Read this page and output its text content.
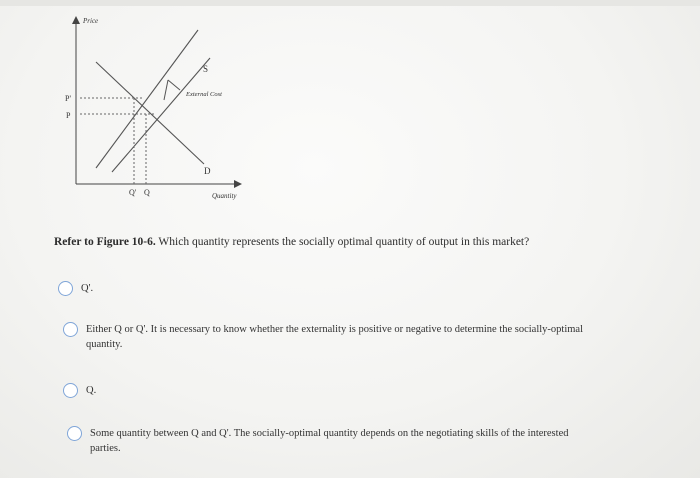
Price
Quantity
P'
P
Q' Q
S
D
External Cost
Refer to Figure 10-6. Which quantity represents the socially optimal quantity of output in this market?
Q'.
Either Q or Q'. It is necessary to know whether the externality is positive or negative to determine the socially-optimal quantity.
Q.
Some quantity between Q and Q'. The socially-optimal quantity depends on the negotiating skills of the interested parties.
